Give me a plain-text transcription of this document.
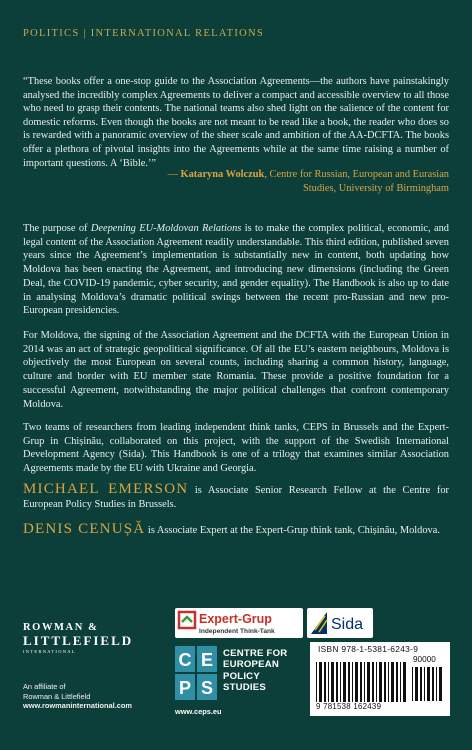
POLITICS | INTERNATIONAL RELATIONS
“These books offer a one-stop guide to the Association Agreements—the authors have painstakingly analysed the incredibly complex Agreements to deliver a compact and accessible overview to all those who need to grasp their contents. The national teams also shed light on the salience of the content for domestic reforms. Even though the books are not meant to be read like a book, the reader who does so is rewarded with a panoramic overview of the sheer scale and ambition of the AA-DCFTA. The books offer a plethora of pivotal insights into the Agreements while at the same time raising a number of important questions. A ‘Bible.’”
— Kataryna Wolczuk, Centre for Russian, European and Eurasian Studies, University of Birmingham
The purpose of Deepening EU-Moldovan Relations is to make the complex political, economic, and legal content of the Association Agreement readily understandable. This third edition, published seven years since the Agreement’s implementation is substantially new in content, both updating how Moldova has been enacting the Agreement, and introducing new dimensions (including the Green Deal, the COVID-19 pandemic, cyber security, and gender equality). The Handbook is also up to date in analysing Moldova’s dramatic political swings between the recent pro-Russian and new pro-European presidencies.
For Moldova, the signing of the Association Agreement and the DCFTA with the European Union in 2014 was an act of strategic geopolitical significance. Of all the EU’s eastern neighbours, Moldova is objectively the most European on several counts, including sharing a common history, language, culture and border with EU member state Romania. These provide a positive foundation for a successful Agreement, notwithstanding the major political challenges that confront contemporary Moldova.
Two teams of researchers from leading independent think tanks, CEPS in Brussels and the Expert-Grup in Chișinău, collaborated on this project, with the support of the Swedish International Development Agency (Sida). This Handbook is one of a trilogy that examines similar Association Agreements made by the EU with Ukraine and Georgia.
MICHAEL EMERSON is Associate Senior Research Fellow at the Centre for European Policy Studies in Brussels.
DENIS CENUȘĂ is Associate Expert at the Expert-Grup think tank, Chișinău, Moldova.
ROWMAN &
LITTLEFIELD
INTERNATIONAL
An affiliate of
Rowman & Littlefield
www.rowmaninternational.com
Expert-Grup
Independent Think-Tank	Sida
C E
P S
CENTRE FOR
EUROPEAN
POLICY
STUDIES
www.ceps.eu
ISBN 978-1-5381-6243-9
90000
9 781538 162439
